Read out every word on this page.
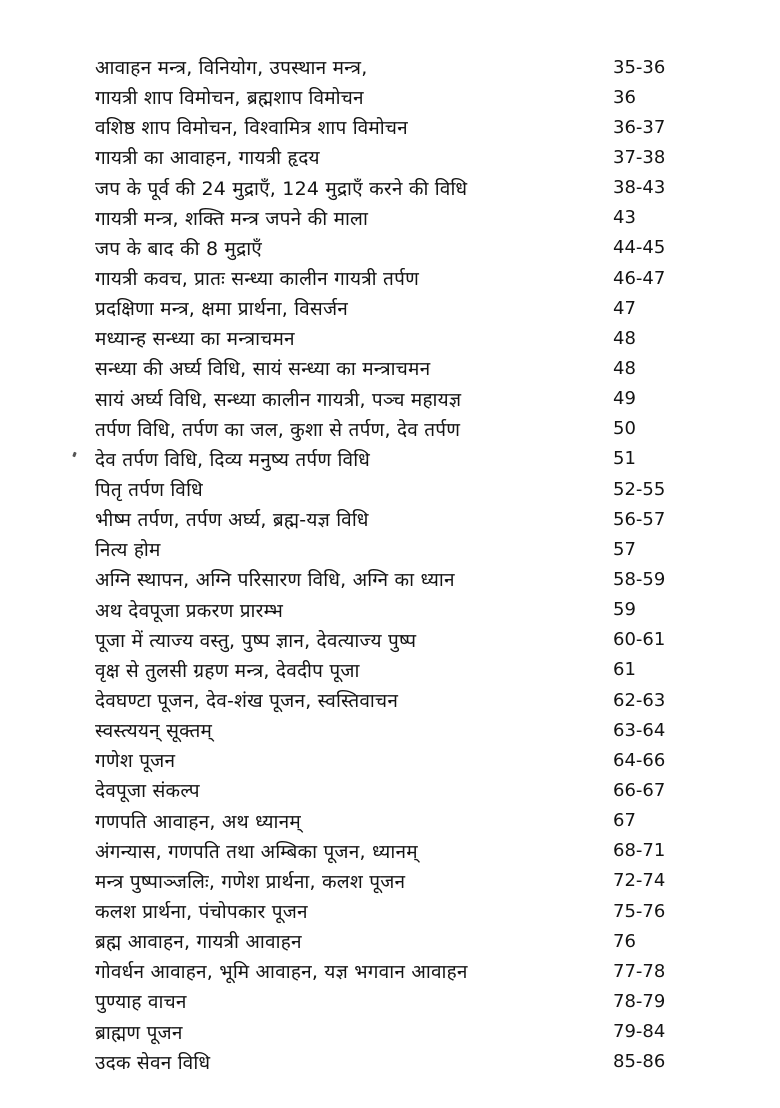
आवाहन मन्त्र, विनियोग, उपस्थान मन्त्र,	35-36
गायत्री शाप विमोचन, ब्रह्मशाप विमोचन	36
वशिष्ठ शाप विमोचन, विश्वामित्र शाप विमोचन	36-37
गायत्री का आवाहन, गायत्री हृदय	37-38
जप के पूर्व की 24 मुद्राएँ, 124 मुद्राएँ करने की विधि	38-43
गायत्री मन्त्र, शक्ति मन्त्र जपने की माला	43
जप के बाद की 8 मुद्राएँ	44-45
गायत्री कवच, प्रातः सन्ध्या कालीन गायत्री तर्पण	46-47
प्रदक्षिणा मन्त्र, क्षमा प्रार्थना, विसर्जन	47
मध्यान्ह सन्ध्या का मन्त्राचमन	48
सन्ध्या की अर्घ्य विधि, सायं सन्ध्या का मन्त्राचमन	48
सायं अर्घ्य विधि, सन्ध्या कालीन गायत्री, पञ्च महायज्ञ	49
तर्पण विधि, तर्पण का जल, कुशा से तर्पण, देव तर्पण	50
देव तर्पण विधि, दिव्य मनुष्य तर्पण विधि	51
पितृ तर्पण विधि	52-55
भीष्म तर्पण, तर्पण अर्घ्य, ब्रह्म-यज्ञ विधि	56-57
नित्य होम	57
अग्नि स्थापन, अग्नि परिसारण विधि, अग्नि का ध्यान	58-59
अथ देवपूजा प्रकरण प्रारम्भ	59
पूजा में त्याज्य वस्तु, पुष्प ज्ञान, देवत्याज्य पुष्प	60-61
वृक्ष से तुलसी ग्रहण मन्त्र, देवदीप पूजा	61
देवघण्टा पूजन, देव-शंख पूजन, स्वस्तिवाचन	62-63
स्वस्त्ययन् सूक्तम्	63-64
गणेश पूजन	64-66
देवपूजा संकल्प	66-67
गणपति आवाहन, अथ ध्यानम्	67
अंगन्यास, गणपति तथा अम्बिका पूजन, ध्यानम्	68-71
मन्त्र पुष्पाञ्जलिः, गणेश प्रार्थना, कलश पूजन	72-74
कलश प्रार्थना, पंचोपकार पूजन	75-76
ब्रह्म आवाहन, गायत्री आवाहन	76
गोवर्धन आवाहन, भूमि आवाहन, यज्ञ भगवान आवाहन	77-78
पुण्याह वाचन	78-79
ब्राह्मण पूजन	79-84
उदक सेवन विधि	85-86
